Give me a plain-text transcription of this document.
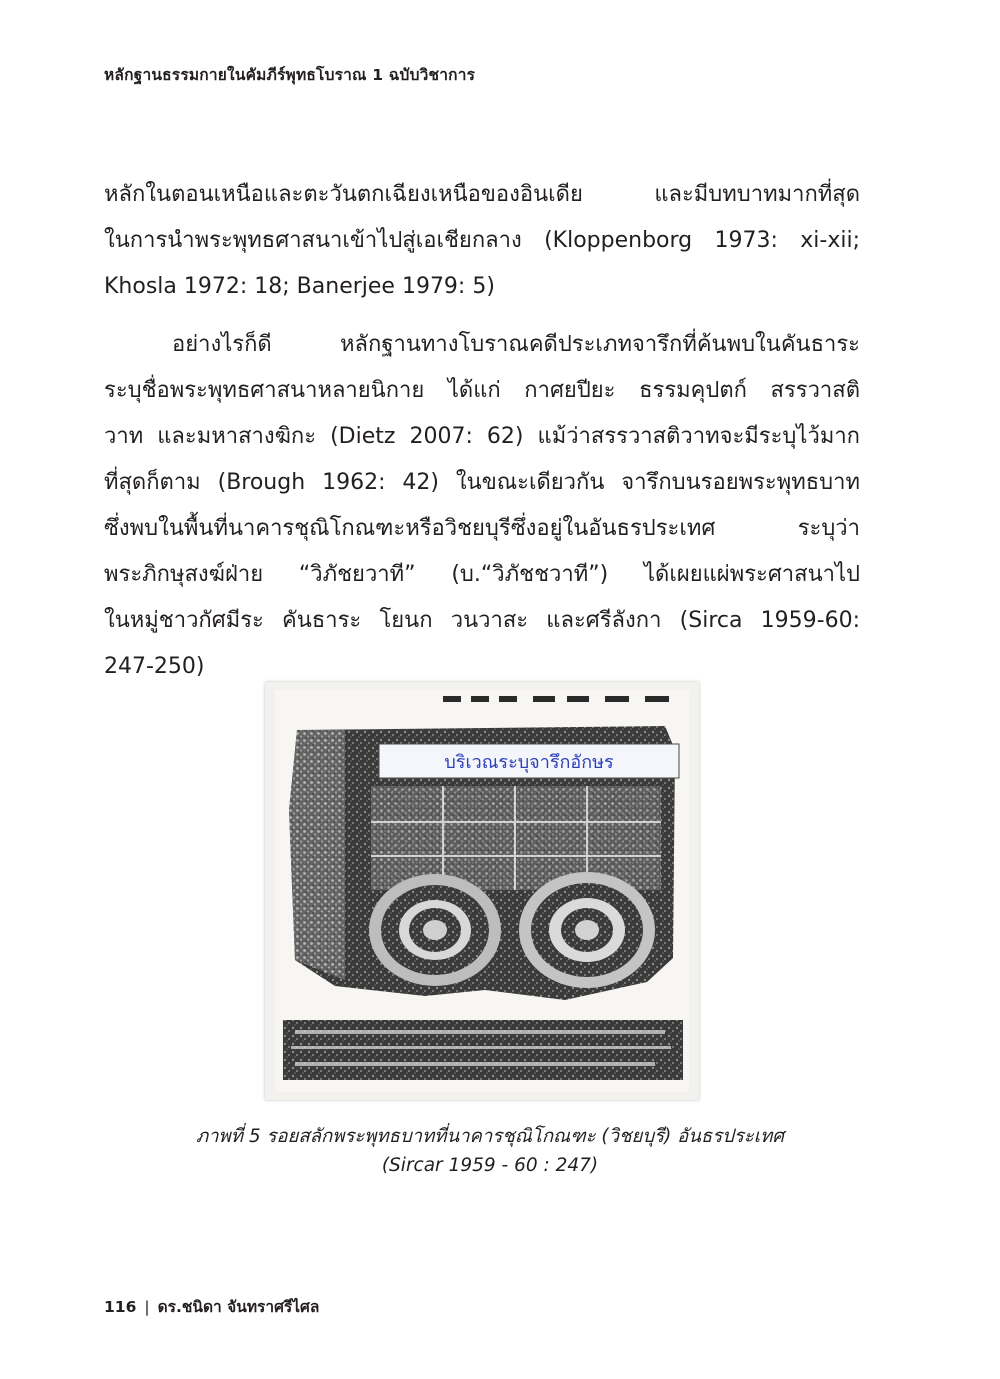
หลักฐานธรรมกายในคัมภีร์พุทธโบราณ 1 ฉบับวิชาการ
หลักในตอนเหนือและตะวันตกเฉียงเหนือของอินเดีย และมีบทบาทมากที่สุด
ในการนำพระพุทธศาสนาเข้าไปสู่เอเชียกลาง (Kloppenborg 1973: xi-xii;
Khosla 1972: 18; Banerjee 1979: 5)
อย่างไรก็ดี หลักฐานทางโบราณคดีประเภทจารึกที่ค้นพบในคันธาระ
ระบุชื่อพระพุทธศาสนาหลายนิกาย ได้แก่ กาศยปียะ ธรรมคุปตก์ สรรวาสติ
วาท และมหาสางฆิกะ (Dietz 2007: 62) แม้ว่าสรรวาสติวาทจะมีระบุไว้มาก
ที่สุดก็ตาม (Brough 1962: 42) ในขณะเดียวกัน จารึกบนรอยพระพุทธบาท
ซึ่งพบในพื้นที่นาคารชุณิโกณฑะหรือวิชยบุรีซึ่งอยู่ในอันธรประเทศ ระบุว่า
พระภิกษุสงฆ์ฝ่าย “วิภัชยวาที” (บ.“วิภัชชวาที”) ได้เผยแผ่พระศาสนาไป
ในหมู่ชาวกัศมีระ คันธาระ โยนก วนวาสะ และศรีลังกา (Sirca 1959-60:
247-250)
บริเวณระบุจารึกอักษร
ภาพที่ 5 รอยสลักพระพุทธบาทที่นาคารชุณิโกณฑะ (วิชยบุรี) อันธรประเทศ
(Sircar 1959 - 60 : 247)
116 | ดร.ชนิดา จันทราศรีไศล
